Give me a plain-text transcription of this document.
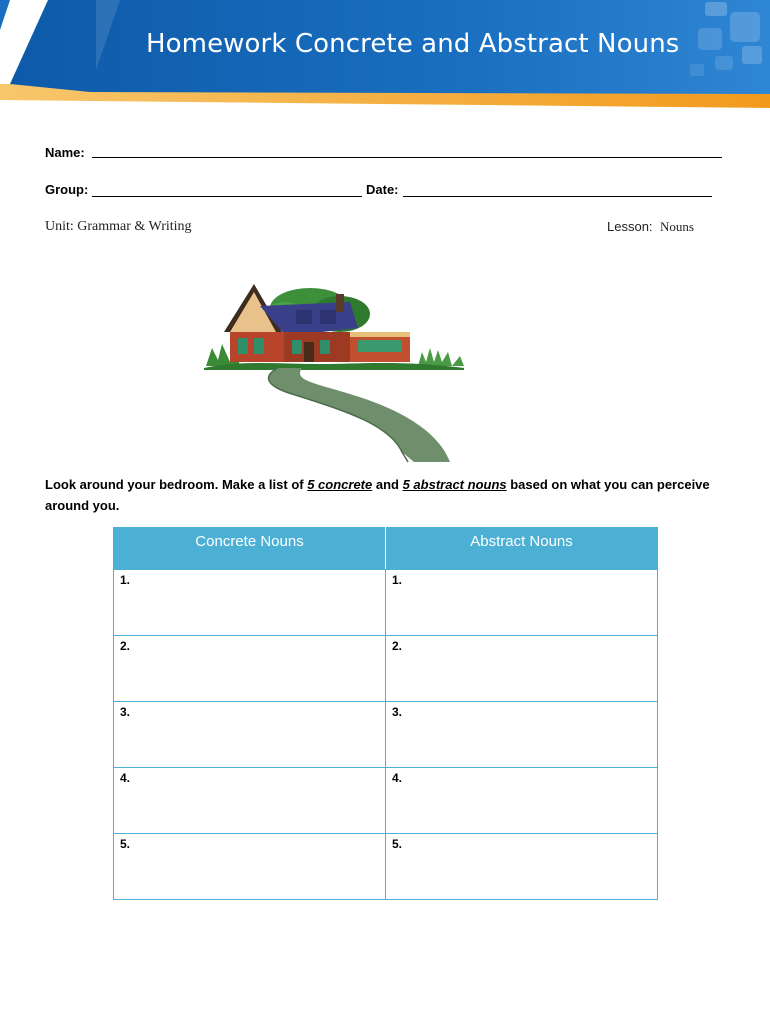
Homework Concrete and Abstract Nouns
Name:
Group:	Date:
Unit: Grammar & Writing	Lesson: Nouns
Look around your bedroom. Make a list of 5 concrete and 5 abstract nouns based on what you can perceive around you.
Concrete Nouns	Abstract Nouns
1.	1.
2.	2.
3.	3.
4.	4.
5.	5.
